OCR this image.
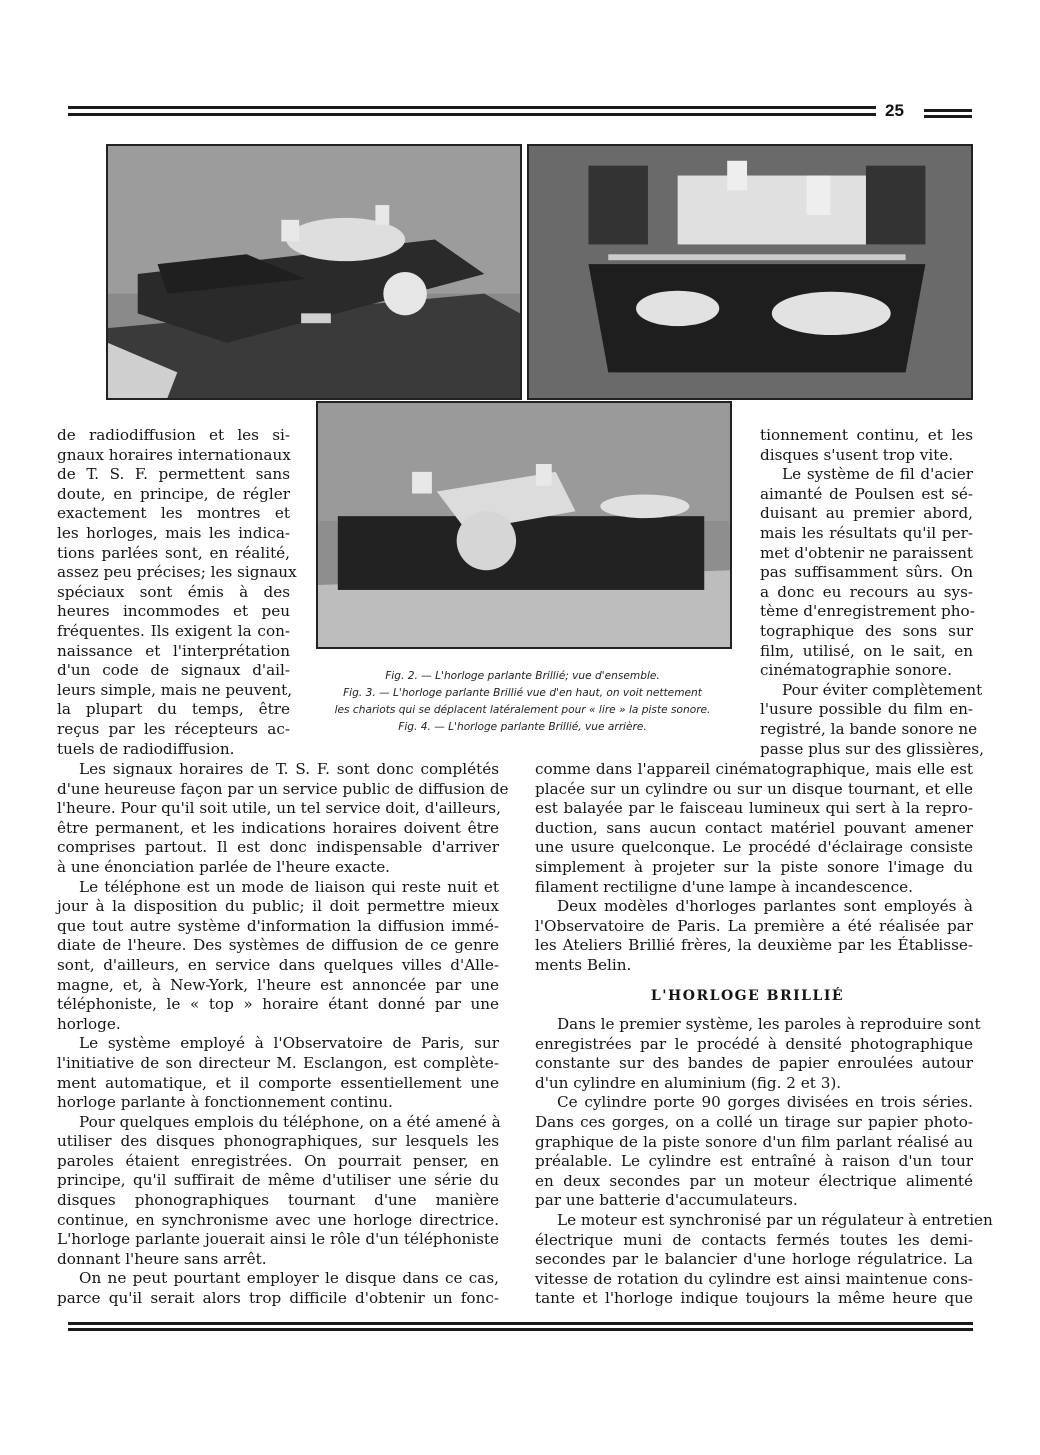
25
de radiodiffusion et les si-
gnaux horaires internationaux
de T. S. F. permettent sans
doute, en principe, de régler
exactement les montres et
les horloges, mais les indica-
tions parlées sont, en réalité,
assez peu précises; les signaux
spéciaux sont émis à des
heures incommodes et peu
fréquentes. Ils exigent la con-
naissance et l'interprétation
d'un code de signaux d'ail-
leurs simple, mais ne peuvent,
la plupart du temps, être
reçus par les récepteurs ac-
tuels de radiodiffusion.
tionnement continu, et les
disques s'usent trop vite.
Le système de fil d'acier
aimanté de Poulsen est sé-
duisant au premier abord,
mais les résultats qu'il per-
met d'obtenir ne paraissent
pas suffisamment sûrs. On
a donc eu recours au sys-
tème d'enregistrement pho-
tographique des sons sur
film, utilisé, on le sait, en
cinématographie sonore.
Pour éviter complètement
l'usure possible du film en-
registré, la bande sonore ne
passe plus sur des glissières,
Fig. 2. — L'horloge parlante Brillié; vue d'ensemble.
Fig. 3. — L'horloge parlante Brillié vue d'en haut, on voit nettement
les chariots qui se déplacent latéralement pour « lire » la piste sonore.
Fig. 4. — L'horloge parlante Brillié, vue arrière.
Les signaux horaires de T. S. F. sont donc complétés
d'une heureuse façon par un service public de diffusion de
l'heure. Pour qu'il soit utile, un tel service doit, d'ailleurs,
être permanent, et les indications horaires doivent être
comprises partout. Il est donc indispensable d'arriver
à une énonciation parlée de l'heure exacte.
Le téléphone est un mode de liaison qui reste nuit et
jour à la disposition du public; il doit permettre mieux
que tout autre système d'information la diffusion immé-
diate de l'heure. Des systèmes de diffusion de ce genre
sont, d'ailleurs, en service dans quelques villes d'Alle-
magne, et, à New-York, l'heure est annoncée par une
téléphoniste, le « top » horaire étant donné par une
horloge.
Le système employé à l'Observatoire de Paris, sur
l'initiative de son directeur M. Esclangon, est complète-
ment automatique, et il comporte essentiellement une
horloge parlante à fonctionnement continu.
Pour quelques emplois du téléphone, on a été amené à
utiliser des disques phonographiques, sur lesquels les
paroles étaient enregistrées. On pourrait penser, en
principe, qu'il suffirait de même d'utiliser une série du
disques phonographiques tournant d'une manière
continue, en synchronisme avec une horloge directrice.
L'horloge parlante jouerait ainsi le rôle d'un téléphoniste
donnant l'heure sans arrêt.
On ne peut pourtant employer le disque dans ce cas,
parce qu'il serait alors trop difficile d'obtenir un fonc-
comme dans l'appareil cinématographique, mais elle est
placée sur un cylindre ou sur un disque tournant, et elle
est balayée par le faisceau lumineux qui sert à la repro-
duction, sans aucun contact matériel pouvant amener
une usure quelconque. Le procédé d'éclairage consiste
simplement à projeter sur la piste sonore l'image du
filament rectiligne d'une lampe à incandescence.
Deux modèles d'horloges parlantes sont employés à
l'Observatoire de Paris. La première a été réalisée par
les Ateliers Brillié frères, la deuxième par les Établisse-
ments Belin.
L'HORLOGE BRILLIÉ
Dans le premier système, les paroles à reproduire sont
enregistrées par le procédé à densité photographique
constante sur des bandes de papier enroulées autour
d'un cylindre en aluminium (fig. 2 et 3).
Ce cylindre porte 90 gorges divisées en trois séries.
Dans ces gorges, on a collé un tirage sur papier photo-
graphique de la piste sonore d'un film parlant réalisé au
préalable. Le cylindre est entraîné à raison d'un tour
en deux secondes par un moteur électrique alimenté
par une batterie d'accumulateurs.
Le moteur est synchronisé par un régulateur à entretien
électrique muni de contacts fermés toutes les demi-
secondes par le balancier d'une horloge régulatrice. La
vitesse de rotation du cylindre est ainsi maintenue cons-
tante et l'horloge indique toujours la même heure que
